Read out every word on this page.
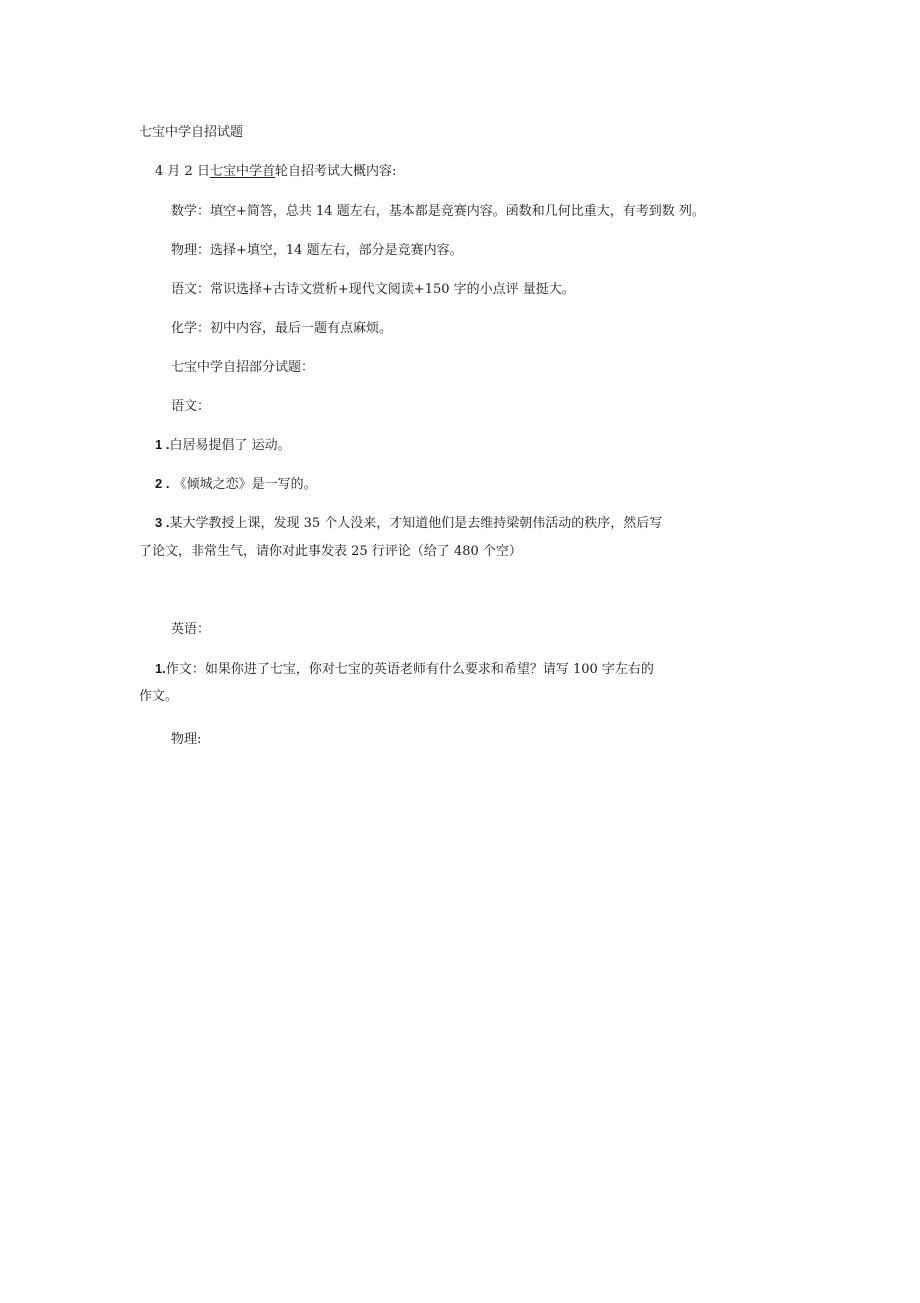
七宝中学自招试题
4 月 2 日七宝中学首轮自招考试大概内容:
数学：填空+简答，总共 14 题左右，基本都是竞赛内容。函数和几何比重大，有考到数 列。
物理：选择+填空，14 题左右，部分是竞赛内容。
语文：常识选择+古诗文赏析+现代文阅读+150 字的小点评 量挺大。
化学：初中内容，最后一题有点麻烦。
七宝中学自招部分试题：
语文：
1 .白居易提倡了 运动。
2 . 《倾城之恋》是一写的。
3 .某大学教授上课，发现 35 个人没来，才知道他们是去维持梁朝伟活动的秩序，然后写
了论文，非常生气，请你对此事发表 25 行评论（给了 480 个空）
英语：
1.作文：如果你进了七宝，你对七宝的英语老师有什么要求和希望？请写 100 字左右的
作文。
物理:
